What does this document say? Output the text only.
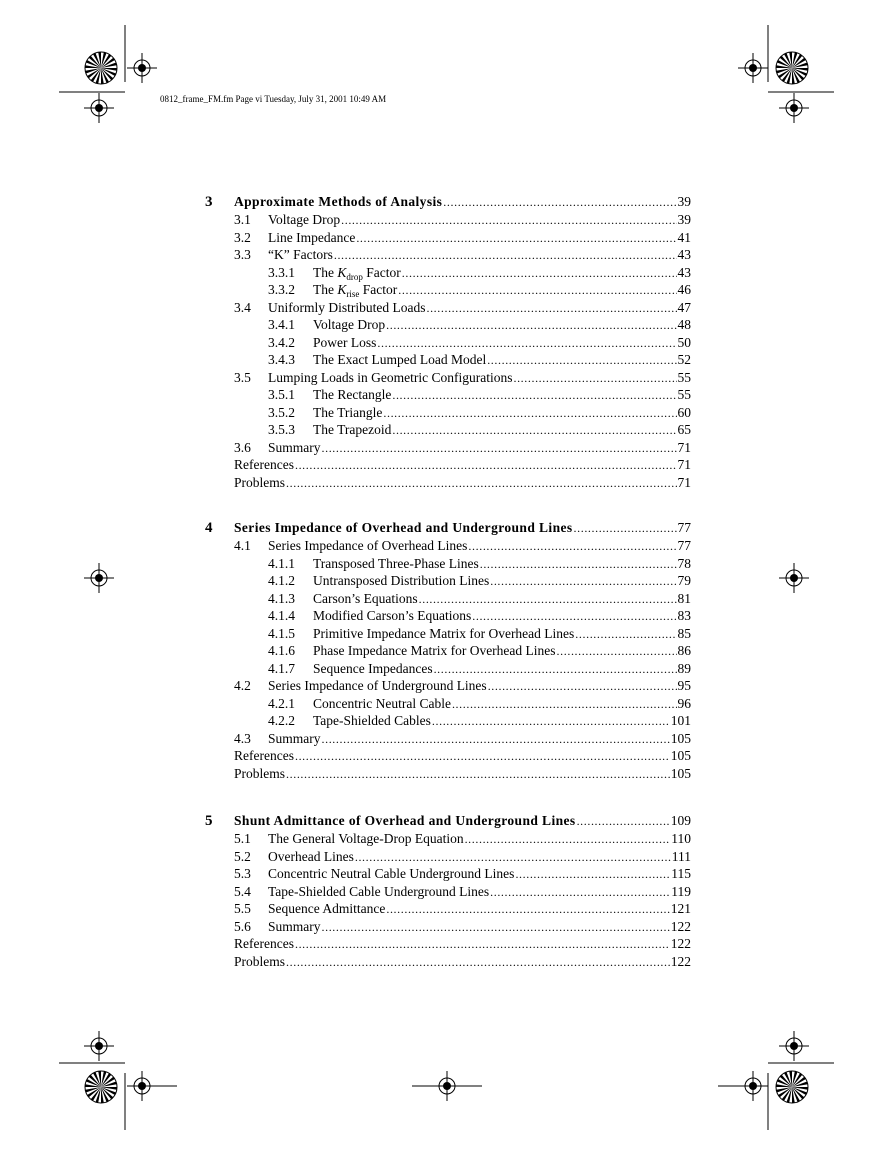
0812_frame_FM.fm Page vi Tuesday, July 31, 2001 10:49 AM
3	Approximate Methods of Analysis .....	39
3.1	Voltage Drop .....	39
3.2	Line Impedance .....	41
3.3	“K” Factors .....	43
3.3.1	The $K_{drop}$ Factor .....	43
3.3.2	The $K_{rise}$ Factor .....	46
3.4	Uniformly Distributed Loads .....	47
3.4.1	Voltage Drop .....	48
3.4.2	Power Loss .....	50
3.4.3	The Exact Lumped Load Model .....	52
3.5	Lumping Loads in Geometric Configurations .....	55
3.5.1	The Rectangle .....	55
3.5.2	The Triangle .....	60
3.5.3	The Trapezoid .....	65
3.6	Summary .....	71
References .....	71
Problems .....	71
4	Series Impedance of Overhead and Underground Lines .....	77
4.1	Series Impedance of Overhead Lines .....	77
4.1.1	Transposed Three-Phase Lines .....	78
4.1.2	Untransposed Distribution Lines .....	79
4.1.3	Carson’s Equations .....	81
4.1.4	Modified Carson’s Equations .....	83
4.1.5	Primitive Impedance Matrix for Overhead Lines .....	85
4.1.6	Phase Impedance Matrix for Overhead Lines .....	86
4.1.7	Sequence Impedances .....	89
4.2	Series Impedance of Underground Lines .....	95
4.2.1	Concentric Neutral Cable .....	96
4.2.2	Tape-Shielded Cables .....	101
4.3	Summary .....	105
References .....	105
Problems .....	105
5	Shunt Admittance of Overhead and Underground Lines .....	109
5.1	The General Voltage-Drop Equation .....	110
5.2	Overhead Lines .....	111
5.3	Concentric Neutral Cable Underground Lines .....	115
5.4	Tape-Shielded Cable Underground Lines .....	119
5.5	Sequence Admittance .....	121
5.6	Summary .....	122
References .....	122
Problems .....	122
